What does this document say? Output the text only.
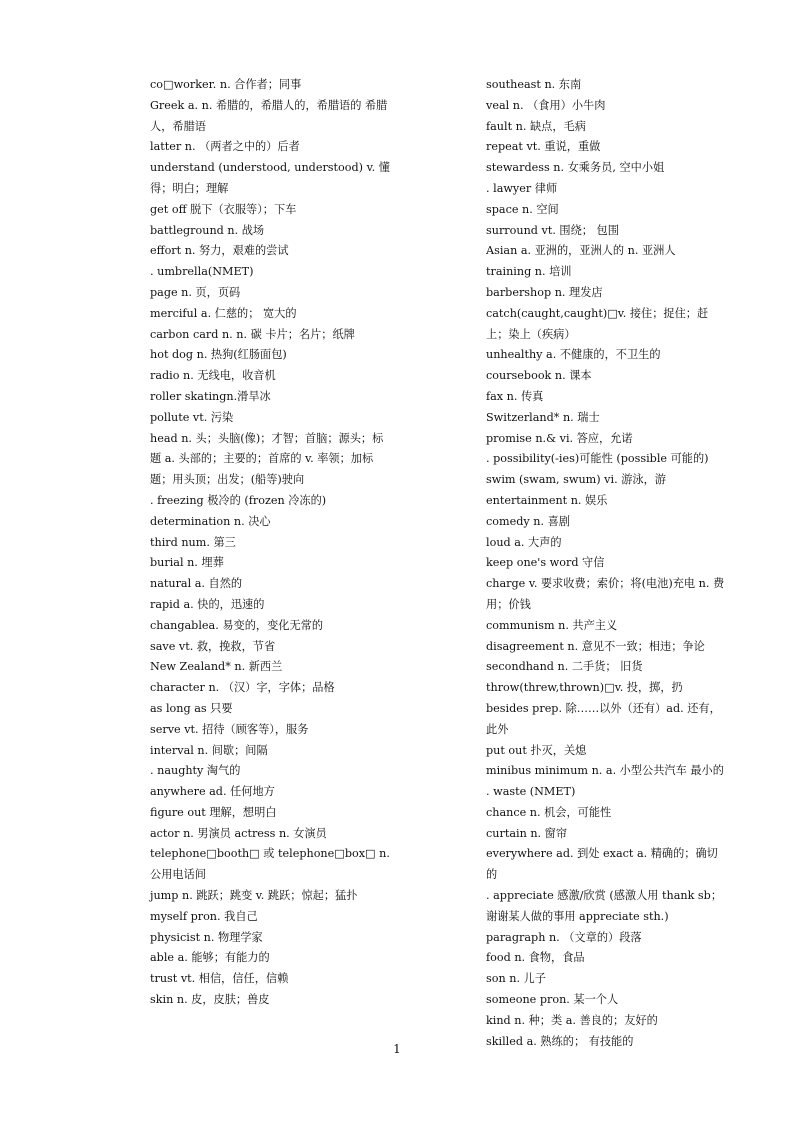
co□worker. n. 合作者；同事

Greek a. n. 希腊的，希腊人的，希腊语的 希腊人，希腊语

latter n. （两者之中的）后者

understand (understood, understood) v. 懂得；明白；理解

get off 脱下（衣服等）；下车

battleground n. 战场

effort n. 努力，艰难的尝试

. umbrella(NMET)

page n. 页，页码

merciful a. 仁慈的； 宽大的

carbon card n. n. 碳 卡片；名片；纸牌

hot dog n. 热狗(红肠面包)

radio n. 无线电，收音机

roller skatingn.滑旱冰

pollute vt. 污染

head n. 头；头脑(像)；才智；首脑；源头；标题 a. 头部的；主要的；首席的 v. 率领；加标题；用头顶；出发；(船等)驶向

. freezing 极冷的 (frozen 冷冻的)

determination n. 决心

third num. 第三

burial n. 埋葬

natural a. 自然的

rapid a. 快的，迅速的

changablea. 易变的，变化无常的

save vt. 救，挽救，节省

New Zealand* n. 新西兰

character n. （汉）字，字体；品格

as long as 只要

serve vt. 招待（顾客等），服务

interval n. 间歇；间隔

. naughty 淘气的

anywhere ad. 任何地方

figure out 理解，想明白

actor n. 男演员 actress n. 女演员

telephone□booth□ 或 telephone□box□ n. 公用电话间

jump n. 跳跃；跳变 v. 跳跃；惊起；猛扑

myself pron. 我自己

physicist n. 物理学家

able a. 能够；有能力的

trust vt. 相信，信任，信赖

skin n. 皮，皮肤；兽皮

southeast n. 东南

veal n. （食用）小牛肉

fault n. 缺点，毛病

repeat vt. 重说，重做

stewardess n. 女乘务员, 空中小姐

. lawyer 律师

space n. 空间

surround vt. 围绕； 包围

Asian a. 亚洲的，亚洲人的 n. 亚洲人

training n. 培训

barbershop n. 理发店

catch(caught,caught)□v. 接住；捉住；赶上；染上（疾病）

unhealthy a. 不健康的，不卫生的

coursebook n. 课本

fax n. 传真

Switzerland* n. 瑞士

promise n.& vi. 答应，允诺

. possibility(-ies)可能性 (possible 可能的)

swim (swam, swum) vi. 游泳，游

entertainment n. 娱乐

comedy n. 喜剧

loud a. 大声的

keep one's word 守信

charge v. 要求收费；索价；将(电池)充电 n. 费用；价钱

communism n. 共产主义

disagreement n. 意见不一致；相违；争论

secondhand n. 二手货； 旧货

throw(threw,thrown)□v. 投，掷，扔

besides prep. 除……以外（还有）ad. 还有，此外

put out 扑灭，关熄

minibus minimum n. a. 小型公共汽车 最小的

. waste (NMET)

chance n. 机会，可能性

curtain n. 窗帘

everywhere ad. 到处 exact a. 精确的；确切的

. appreciate 感激/欣赏 (感激人用 thank sb；谢谢某人做的事用 appreciate sth.)

paragraph n. （文章的）段落

food n. 食物，食品

son n. 儿子

someone pron. 某一个人

kind n. 种；类 a. 善良的；友好的

skilled a. 熟练的； 有技能的

1
